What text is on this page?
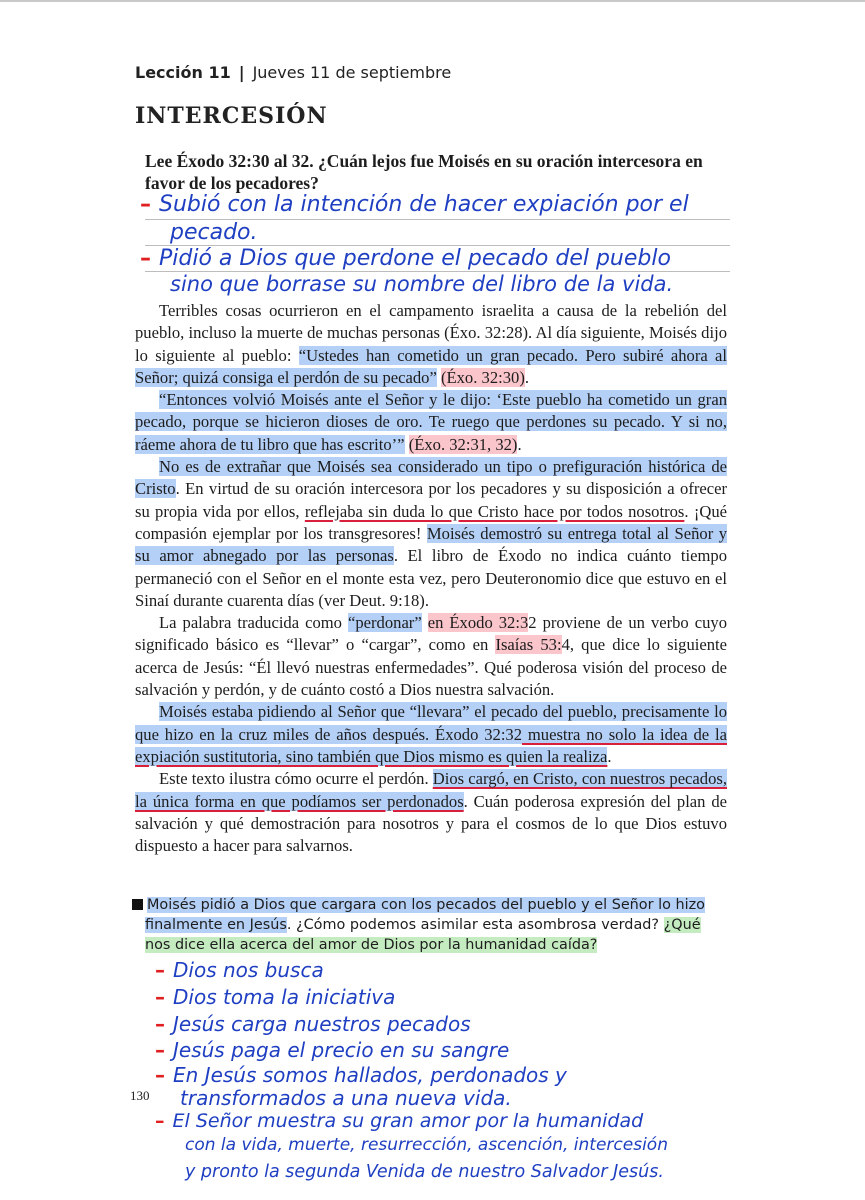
Lección 11 | Jueves 11 de septiembre
INTERCESIÓN
Lee Éxodo 32:30 al 32. ¿Cuán lejos fue Moisés en su oración intercesora en favor de los pecadores?
– Subió con la intención de hacer expiación por el
pecado.
– Pidió a Dios que perdone el pecado del pueblo
sino que borrase su nombre del libro de la vida.

Terribles cosas ocurrieron en el campamento israelita a causa de la rebelión del pueblo, incluso la muerte de muchas personas (Éxo. 32:28). Al día siguiente, Moisés dijo lo siguiente al pueblo: “Ustedes han cometido un gran pecado. Pero subiré ahora al Señor; quizá consiga el perdón de su pecado” (Éxo. 32:30).

“Entonces volvió Moisés ante el Señor y le dijo: ‘Este pueblo ha cometido un gran pecado, porque se hicieron dioses de oro. Te ruego que perdones su pecado. Y si no, ráeme ahora de tu libro que has escrito’” (Éxo. 32:31, 32).

No es de extrañar que Moisés sea considerado un tipo o prefiguración histórica de Cristo. En virtud de su oración intercesora por los pecadores y su disposición a ofrecer su propia vida por ellos, reflejaba sin duda lo que Cristo hace por todos nosotros. ¡Qué compasión ejemplar por los transgresores! Moisés demostró su entrega total al Señor y su amor abnegado por las personas. El libro de Éxodo no indica cuánto tiempo permaneció con el Señor en el monte esta vez, pero Deuteronomio dice que estuvo en el Sinaí durante cuarenta días (ver Deut. 9:18).

La palabra traducida como “perdonar” en Éxodo 32:32 proviene de un verbo cuyo significado básico es “llevar” o “cargar”, como en Isaías 53:4, que dice lo siguiente acerca de Jesús: “Él llevó nuestras enfermedades”. Qué poderosa visión del proceso de salvación y perdón, y de cuánto costó a Dios nuestra salvación.

Moisés estaba pidiendo al Señor que “llevara” el pecado del pueblo, precisamente lo que hizo en la cruz miles de años después. Éxodo 32:32 muestra no solo la idea de la expiación sustitutoria, sino también que Dios mismo es quien la realiza.

Este texto ilustra cómo ocurre el perdón. Dios cargó, en Cristo, con nuestros pecados, la única forma en que podíamos ser perdonados. Cuán poderosa expresión del plan de salvación y qué demostración para nosotros y para el cosmos de lo que Dios estuvo dispuesto a hacer para salvarnos.

Moisés pidió a Dios que cargara con los pecados del pueblo y el Señor lo hizo finalmente en Jesús. ¿Cómo podemos asimilar esta asombrosa verdad? ¿Qué nos dice ella acerca del amor de Dios por la humanidad caída?
– Dios nos busca
– Dios toma la iniciativa
– Jesús carga nuestros pecados
– Jesús paga el precio en su sangre
– En Jesús somos hallados, perdonados y
transformados a una nueva vida.
– El Señor muestra su gran amor por la humanidad
con la vida, muerte, resurrección, ascención, intercesión
y pronto la segunda Venida de nuestro Salvador Jesús.
130
